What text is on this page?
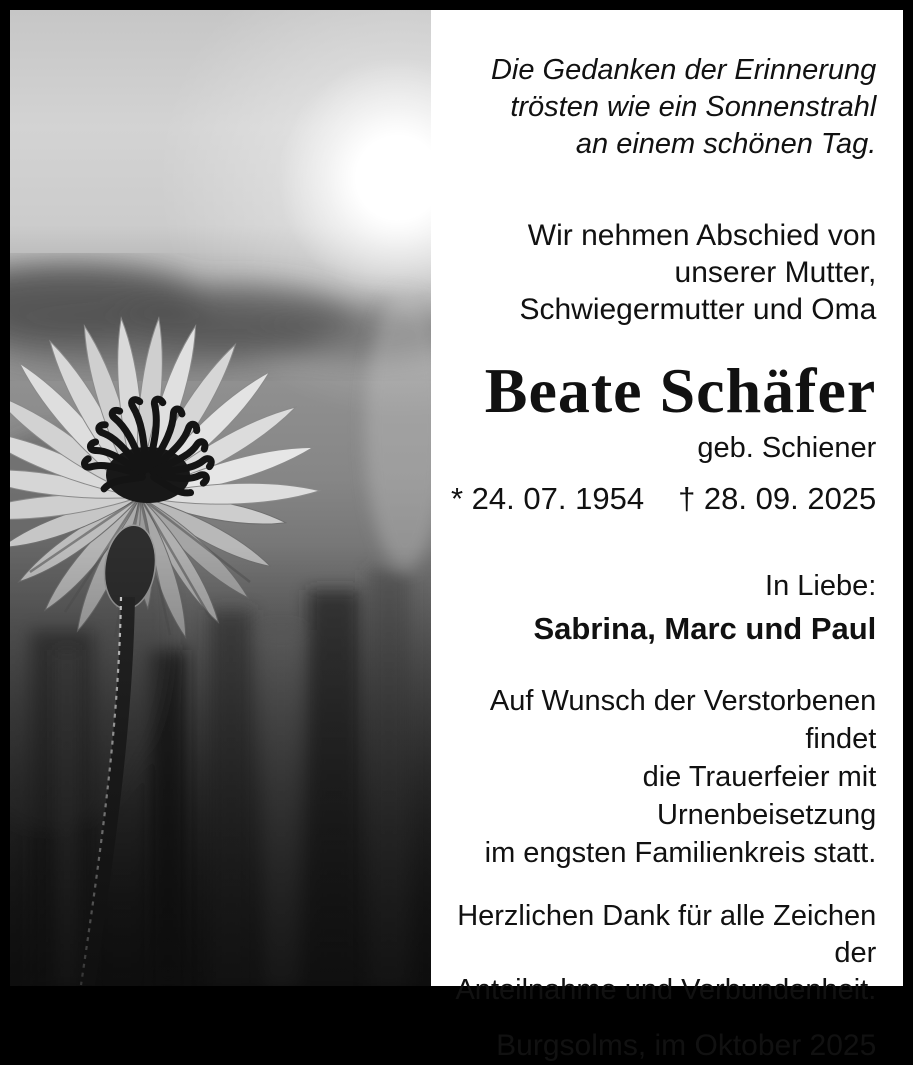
Die Gedanken der Erinnerung
trösten wie ein Sonnenstrahl
an einem schönen Tag.
Wir nehmen Abschied von
unserer Mutter,
Schwiegermutter und Oma
Beate Schäfer
geb. Schiener
* 24. 07. 1954 † 28. 09. 2025
In Liebe:
Sabrina, Marc und Paul
Auf Wunsch der Verstorbenen findet
die Trauerfeier mit Urnenbeisetzung
im engsten Familienkreis statt.
Herzlichen Dank für alle Zeichen der
Anteilnahme und Verbundenheit.
Burgsolms, im Oktober 2025
